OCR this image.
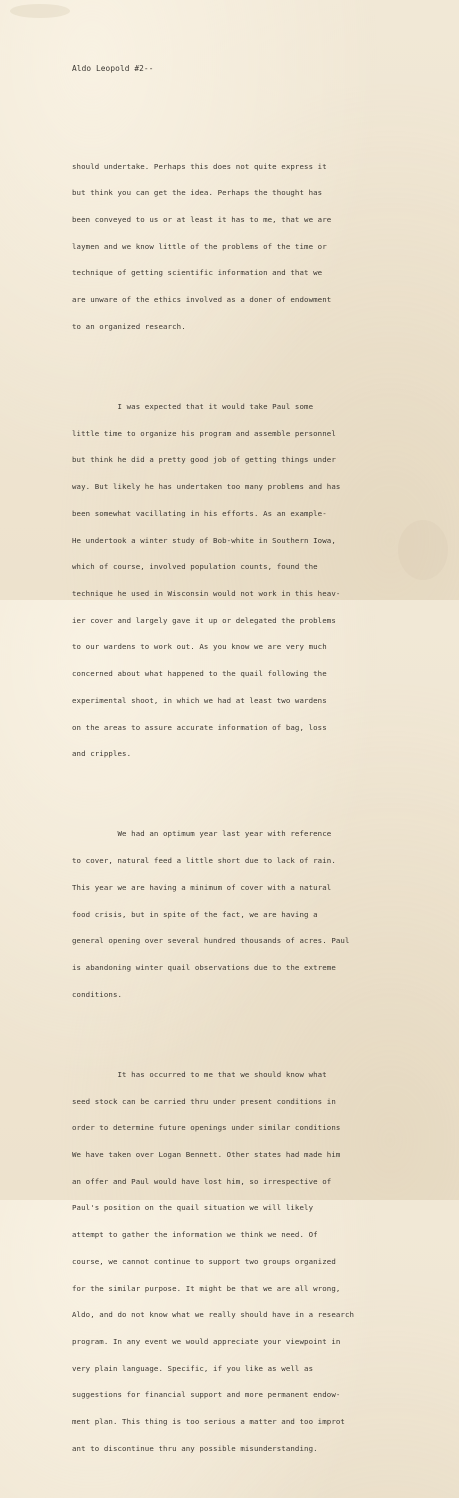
Aldo Leopold #2--

should undertake. Perhaps this does not quite express it

but think you can get the idea. Perhaps the thought has

been conveyed to us or at least it has to me, that we are

laymen and we know little of the problems of the time or

technique of getting scientific information and that we

are unware of the ethics involved as a doner of endowment

to an organized research.

I was expected that it would take Paul some

little time to organize his program and assemble personnel

but think he did a pretty good job of getting things under

way. But likely he has undertaken too many problems and has

been somewhat vacillating in his efforts. As an example-

He undertook a winter study of Bob-white in Southern Iowa,

which of course, involved population counts, found the

technique he used in Wisconsin would not work in this heav-

ier cover and largely gave it up or delegated the problems

to our wardens to work out. As you know we are very much

concerned about what happened to the quail following the

experimental shoot, in which we had at least two wardens

on the areas to assure accurate information of bag, loss

and cripples.

We had an optimum year last year with reference

to cover, natural feed a little short due to lack of rain.

This year we are having a minimum of cover with a natural

food crisis, but in spite of the fact, we are having a

general opening over several hundred thousands of acres. Paul

is abandoning winter quail observations due to the extreme

conditions.

It has occurred to me that we should know what

seed stock can be carried thru under present conditions in

order to determine future openings under similar conditions

We have taken over Logan Bennett. Other states had made him

an offer and Paul would have lost him, so irrespective of

Paul's position on the quail situation we will likely

attempt to gather the information we think we need. Of

course, we cannot continue to support two groups organized

for the similar purpose. It might be that we are all wrong,

Aldo, and do not know what we really should have in a research

program. In any event we would appreciate your viewpoint in

very plain language. Specific, if you like as well as

suggestions for financial support and more permanent endow-

ment plan. This thing is too serious a matter and too improt

ant to discontinue thru any possible misunderstanding.
